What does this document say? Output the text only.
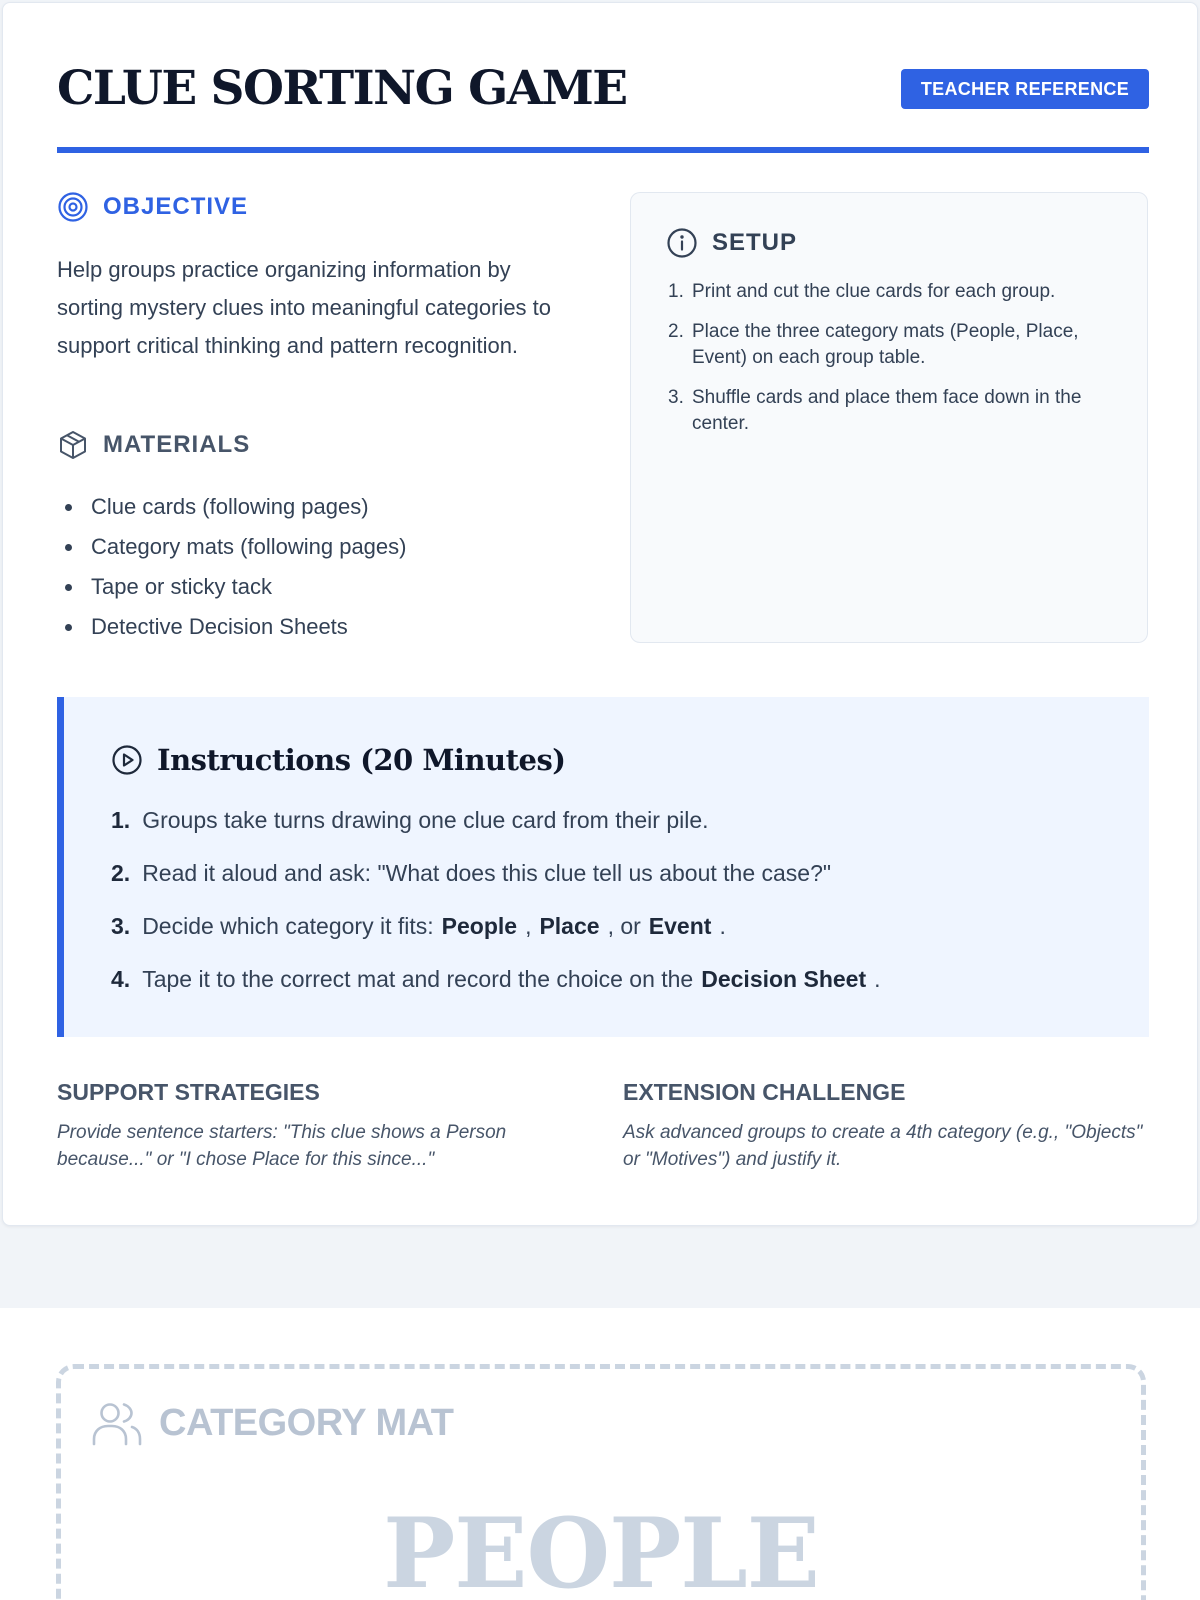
CLUE SORTING GAME	TEACHER REFERENCE
OBJECTIVE

Help groups practice organizing information by sorting mystery clues into meaningful categories to support critical thinking and pattern recognition.

MATERIALS
Clue cards (following pages)
Category mats (following pages)
Tape or sticky tack
Detective Decision Sheets
SETUP
1. Print and cut the clue cards for each group.
2. Place the three category mats (People, Place, Event) on each group table.
3. Shuffle cards and place them face down in the center.
Instructions (20 Minutes)
1. Groups take turns drawing one clue card from their pile.
2. Read it aloud and ask: "What does this clue tell us about the case?"
3. Decide which category it fits: People , Place , or Event .
4. Tape it to the correct mat and record the choice on the Decision Sheet .
SUPPORT STRATEGIES

Provide sentence starters: "This clue shows a Person because..." or "I chose Place for this since..."

EXTENSION CHALLENGE

Ask advanced groups to create a 4th category (e.g., "Objects" or "Motives") and justify it.

CATEGORY MAT
PEOPLE
